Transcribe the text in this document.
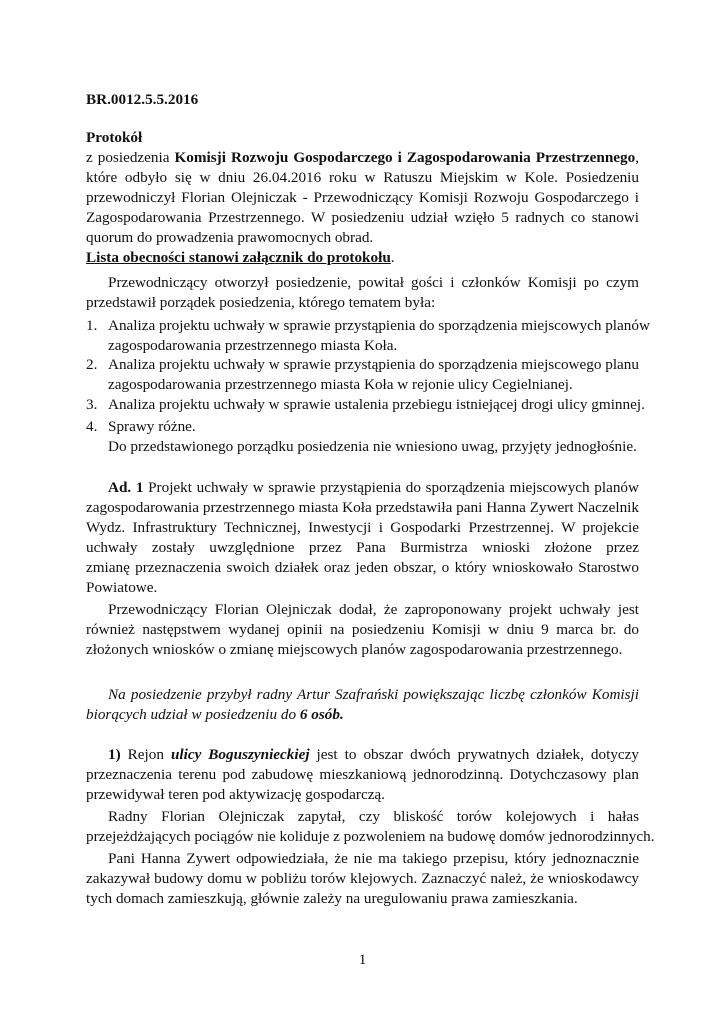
BR.0012.5.5.2016
Protokół
z posiedzenia Komisji Rozwoju Gospodarczego i Zagospodarowania Przestrzennego,
które odbyło się w dniu 26.04.2016 roku w Ratuszu Miejskim w Kole. Posiedzeniu
przewodniczył Florian Olejniczak - Przewodniczący Komisji Rozwoju Gospodarczego i
Zagospodarowania Przestrzennego. W posiedzeniu udział wzięło 5 radnych co stanowi
quorum do prowadzenia prawomocnych obrad.
Lista obecności stanowi załącznik do protokołu.
Przewodniczący otworzył posiedzenie, powitał gości i członków Komisji po czym
przedstawił porządek posiedzenia, którego tematem była:
1. Analiza projektu uchwały w sprawie przystąpienia do sporządzenia miejscowych planów
zagospodarowania przestrzennego miasta Koła.
2. Analiza projektu uchwały w sprawie przystąpienia do sporządzenia miejscowego planu
zagospodarowania przestrzennego miasta Koła w rejonie ulicy Cegielnianej.
3. Analiza projektu uchwały w sprawie ustalenia przebiegu istniejącej drogi ulicy gminnej.
4. Sprawy różne.
Do przedstawionego porządku posiedzenia nie wniesiono uwag, przyjęty jednogłośnie.
Ad. 1 Projekt uchwały w sprawie przystąpienia do sporządzenia miejscowych planów
zagospodarowania przestrzennego miasta Koła przedstawiła pani Hanna Zywert Naczelnik
Wydz. Infrastruktury Technicznej, Inwestycji i Gospodarki Przestrzennej. W projekcie
uchwały zostały uwzględnione przez Pana Burmistrza wnioski złożone przez
zmianę przeznaczenia swoich działek oraz jeden obszar, o który wnioskowało Starostwo
Powiatowe.
Przewodniczący Florian Olejniczak dodał, że zaproponowany projekt uchwały jest
również następstwem wydanej opinii na posiedzeniu Komisji w dniu 9 marca br. do
złożonych wniosków o zmianę miejscowych planów zagospodarowania przestrzennego.
Na posiedzenie przybył radny Artur Szafrański powiększając liczbę członków Komisji
biorących udział w posiedzeniu do 6 osób.
1) Rejon ulicy Boguszynieckiej jest to obszar dwóch prywatnych działek, dotyczy
przeznaczenia terenu pod zabudowę mieszkaniową jednorodzinną. Dotychczasowy plan
przewidywał teren pod aktywizację gospodarczą.
Radny Florian Olejniczak zapytał, czy bliskość torów kolejowych i hałas
przejeżdżających pociągów nie koliduje z pozwoleniem na budowę domów jednorodzinnych.
Pani Hanna Zywert odpowiedziała, że nie ma takiego przepisu, który jednoznacznie
zakazywał budowy domu w pobliżu torów klejowych. Zaznaczyć należ, że wnioskodawcy
tych domach zamieszkują, głównie zależy na uregulowaniu prawa zamieszkania.
1
